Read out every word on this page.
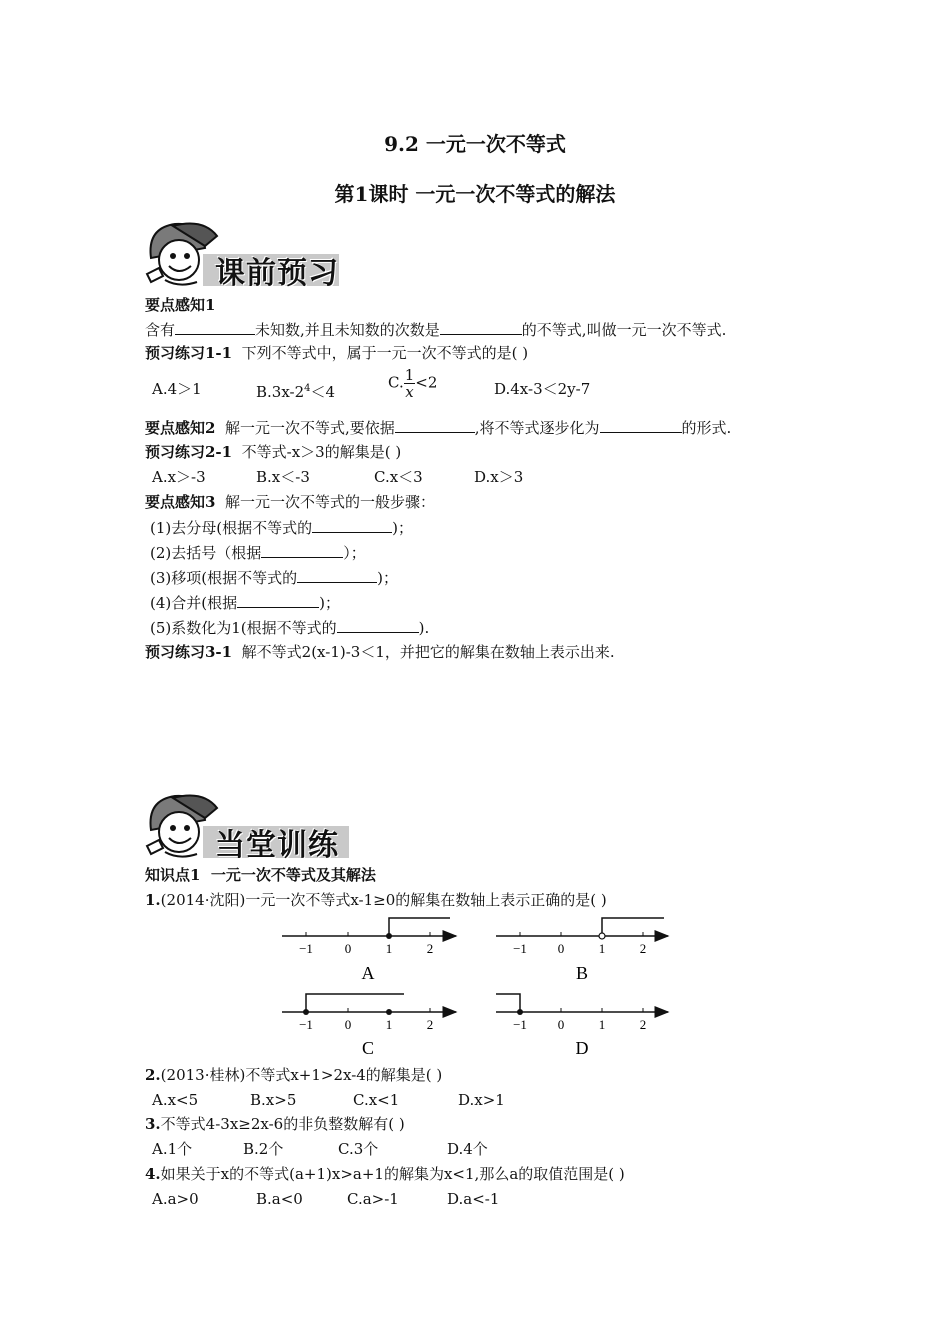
9.2 一元一次不等式
第1课时 一元一次不等式的解法
课前预习
要点感知1
含有	未知数,并且未知数的次数是	的不等式,叫做一元一次不等式.
预习练习1-1 下列不等式中，属于一元一次不等式的是( )
A.4＞1	$B.3x-2^4<4$
C. $\frac{1}{x} <2$	D.4x-3＜2y-7
要点感知2 解一元一次不等式,要依据	,将不等式逐步化为	的形式.
预习练习2-1 不等式-x＞3的解集是( )
A.x＞-3	B.x＜-3	C.x＜3	D.x＞3
要点感知3 解一元一次不等式的一般步骤：
(1)去分母(根据不等式的	)；
(2)去括号（根据	）；
(3)移项(根据不等式的	)；
(4)合并(根据	)；
(5)系数化为1(根据不等式的	).
预习练习3-1 解不等式2(x-1)-3＜1，并把它的解集在数轴上表示出来.
当堂训练
知识点1 一元一次不等式及其解法
1.(2014·沈阳)一元一次不等式x-1≥0的解集在数轴上表示正确的是( )
−1 0	1	2
A
−1 0	1	2
B
−1 0	1	2
C
−1 0	1	2
D
2.(2013·桂林)不等式x+1>2x-4的解集是( )
A.x<5	B.x>5	C.x<1	D.x>1
3.不等式4-3x≥2x-6的非负整数解有( )
A.1个	B.2个	C.3个	D.4个
4.如果关于x的不等式(a+1)x>a+1的解集为x<1,那么a的取值范围是( )
A.a>0	B.a<0	C.a>-1	D.a<-1
